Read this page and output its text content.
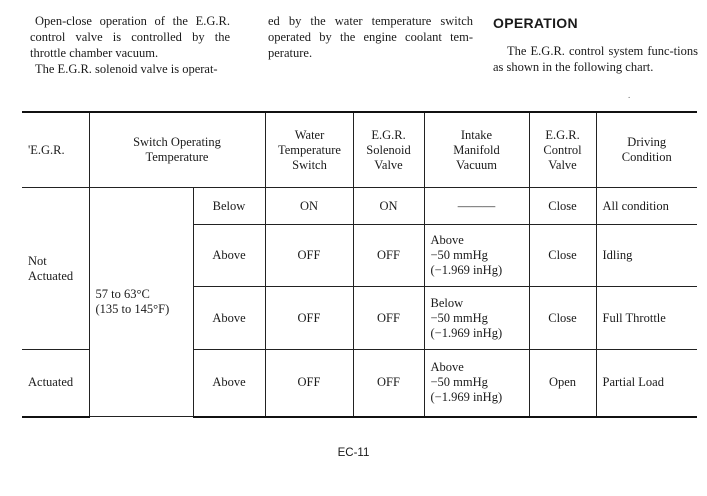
Open-close operation of the E.G.R. control valve is controlled by the throttle chamber vacuum.

The E.G.R. solenoid valve is operat-

ed by the water temperature switch operated by the engine coolant tem-perature.

OPERATION

The E.G.R. control system func-tions as shown in the following chart.

.
'E.G.R.	Switch Operating Temperature		Water Temperature Switch	E.G.R. Solenoid Valve	Intake Manifold Vacuum	E.G.R. Control Valve	Driving Condition
Not Actuated	57 to 63°C
(135 to 145°F)	Below	ON	ON	———	Close	All condition
		Above	OFF	OFF	Above
−50 mmHg
(−1.969 inHg)	Close	Idling
		Above	OFF	OFF	Below
−50 mmHg
(−1.969 inHg)	Close	Full Throttle
Actuated		Above	OFF	OFF	Above
−50 mmHg
(−1.969 inHg)	Open	Partial Load
EC-11
